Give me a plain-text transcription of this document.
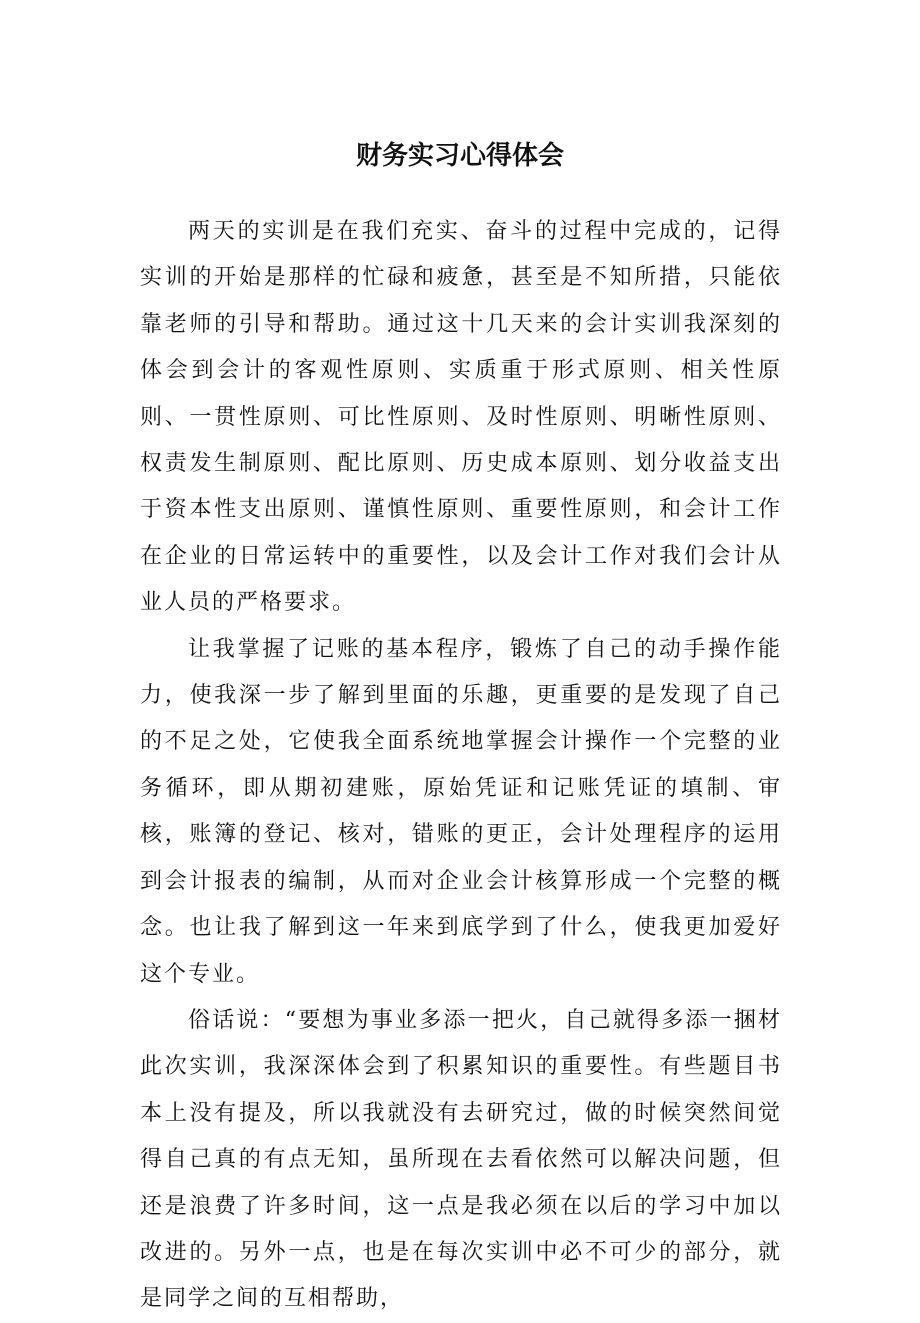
财务实习心得体会

两天的实训是在我们充实、奋斗的过程中完成的，记得实训的开始是那样的忙碌和疲惫，甚至是不知所措，只能依靠老师的引导和帮助。通过这十几天来的会计实训我深刻的体会到会计的客观性原则、实质重于形式原则、相关性原则、一贯性原则、可比性原则、及时性原则、明晰性原则、权责发生制原则、配比原则、历史成本原则、划分收益支出于资本性支出原则、谨慎性原则、重要性原则，和会计工作在企业的日常运转中的重要性，以及会计工作对我们会计从业人员的严格要求。

让我掌握了记账的基本程序，锻炼了自己的动手操作能力，使我深一步了解到里面的乐趣，更重要的是发现了自己的不足之处，它使我全面系统地掌握会计操作一个完整的业务循环，即从期初建账，原始凭证和记账凭证的填制、审核，账簿的登记、核对，错账的更正，会计处理程序的运用到会计报表的编制，从而对企业会计核算形成一个完整的概念。也让我了解到这一年来到底学到了什么，使我更加爱好这个专业。

俗话说：“要想为事业多添一把火，自己就得多添一捆材此次实训，我深深体会到了积累知识的重要性。有些题目书本上没有提及，所以我就没有去研究过，做的时候突然间觉得自己真的有点无知，虽所现在去看依然可以解决问题，但还是浪费了许多时间，这一点是我必须在以后的学习中加以改进的。另外一点，也是在每次实训中必不可少的部分，就是同学之间的互相帮助，
